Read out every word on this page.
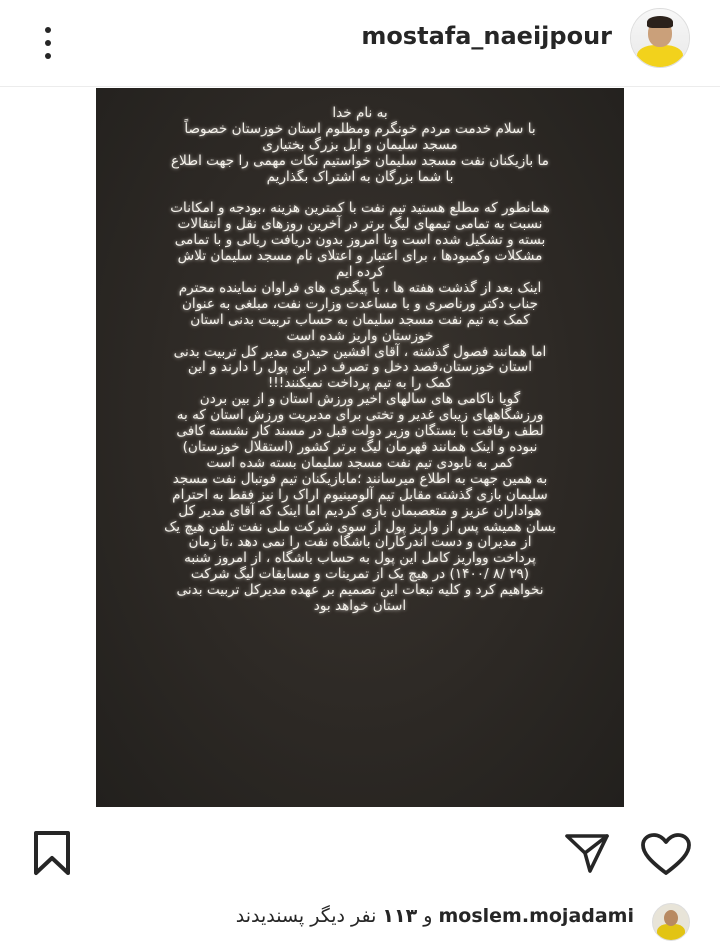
mostafa_naeijpour
به نام خدا
با سلام خدمت مردم خونگرم ومظلوم استان خوزستان خصوصاً
مسجد سلیمان و ایل بزرگ بختیاری
ما بازیکنان نفت مسجد سلیمان خواستیم نکات مهمی را جهت اطلاع
با شما بزرگان به اشتراک بگذاریم
همانطور که مطلع هستید تیم نفت با کمترین هزینه ،بودجه و امکانات
نسبت به تمامی تیمهای لیگ برتر در آخرین روزهای نقل و انتقالات
بسته و تشکیل شده است وتا امروز بدون دریافت ریالی و با تمامی
مشکلات وکمبودها ، برای اعتبار و اعتلای نام مسجد سلیمان تلاش
کرده ایم
اینک بعد از گذشت هفته ها ، با پیگیری های فراوان نماینده محترم
جناب دکتر ورناصری و با مساعدت وزارت نفت، مبلغی به عنوان
کمک به تیم نفت مسجد سلیمان به حساب تربیت بدنی استان
خوزستان واریز شده است
اما همانند فصول گذشته ، آقای افشین حیدری مدیر کل تربیت بدنی
استان خوزستان،قصد دخل و تصرف در این پول را دارند و این
کمک را به تیم پرداخت نمیکنند!!!
گویا ناکامی های سالهای اخیر ورزش استان و از بین بردن
ورزشگاههای زیبای غدیر و تختی برای مدیریت ورزش استان که به
لطف رفاقت با بستگان وزیر دولت قبل در مسند کار نشسته کافی
نبوده و اینک همانند قهرمان لیگ برتر کشور (استقلال خوزستان)
کمر به نابودی تیم نفت مسجد سلیمان بسته شده است
به همین جهت به اطلاع میرسانند ؛مابازیکنان تیم فوتبال نفت مسجد
سلیمان بازی گذشته مقابل تیم آلومینیوم اراک را نیز فقط به احترام
هواداران عزیز و متعصبمان بازی کردیم اما اینک که آقای مدیر کل
بسان همیشه پس از واریز پول از سوی شرکت ملی نفت تلفن هیچ یک
از مدیران و دست اندرکاران باشگاه نفت را نمی دهد ،تا زمان
پرداخت وواریز کامل این پول به حساب باشگاه ، از امروز شنبه
(۲۹ /۸ /۱۴۰۰) در هیچ یک از تمرینات و مسابقات لیگ شرکت
نخواهیم کرد و کلیه تبعات این تصمیم بر عهده مدیرکل تربیت بدنی
استان خواهد بود
moslem.mojadami و ۱۱۳ نفر دیگر پسندیدند
